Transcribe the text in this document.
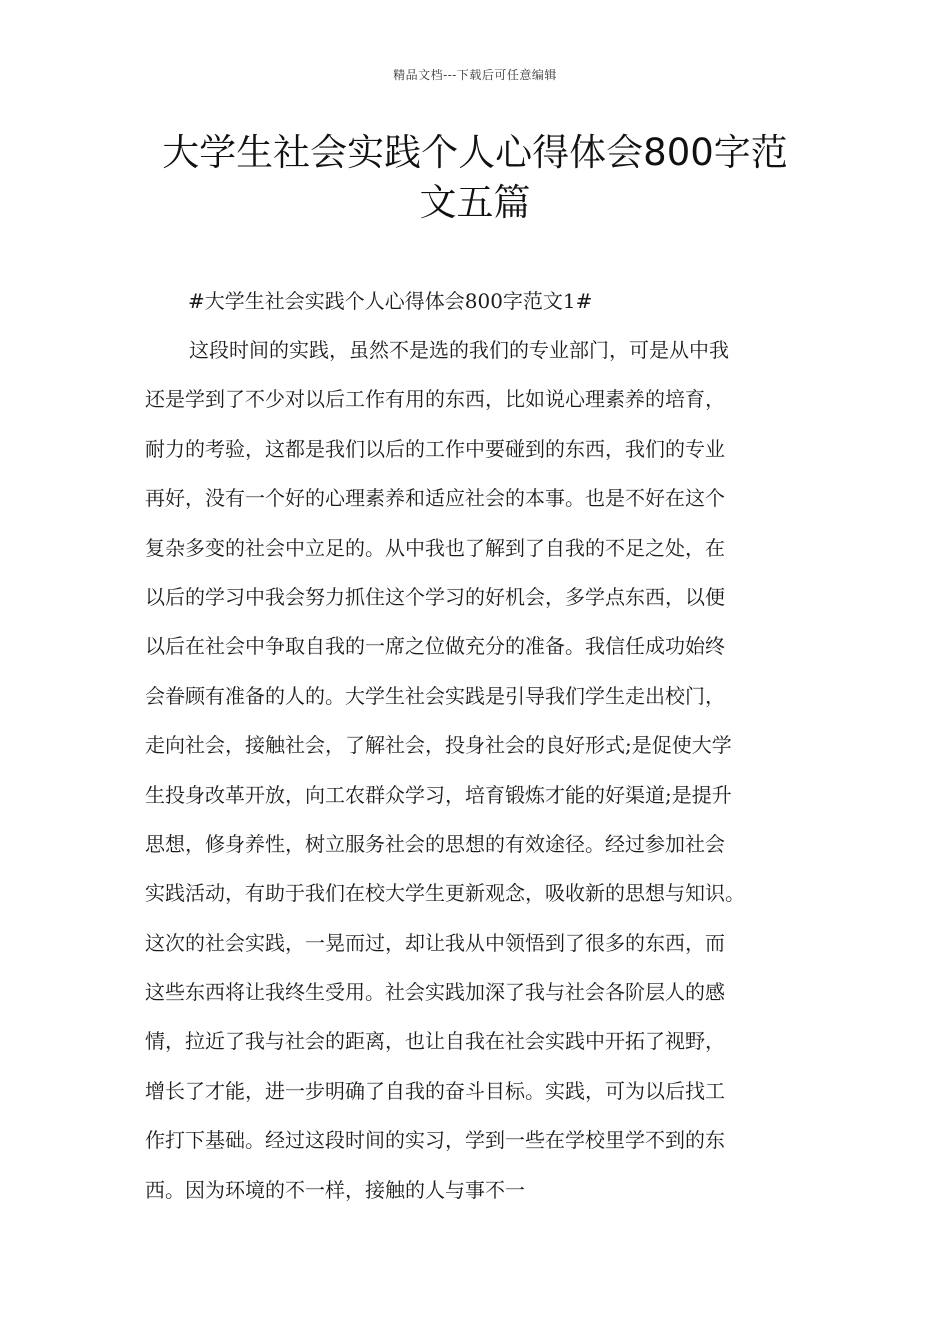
精品文档---下载后可任意编辑
大学生社会实践个人心得体会800字范
文五篇
#大学生社会实践个人心得体会800字范文1#
这段时间的实践，虽然不是选的我们的专业部门，可是从中我
还是学到了不少对以后工作有用的东西，比如说心理素养的培育，
耐力的考验，这都是我们以后的工作中要碰到的东西，我们的专业
再好，没有一个好的心理素养和适应社会的本事。也是不好在这个
复杂多变的社会中立足的。从中我也了解到了自我的不足之处，在
以后的学习中我会努力抓住这个学习的好机会，多学点东西，以便
以后在社会中争取自我的一席之位做充分的准备。我信任成功始终
会眷顾有准备的人的。大学生社会实践是引导我们学生走出校门，
走向社会，接触社会，了解社会，投身社会的良好形式;是促使大学
生投身改革开放，向工农群众学习，培育锻炼才能的好渠道;是提升
思想，修身养性，树立服务社会的思想的有效途径。经过参加社会
实践活动，有助于我们在校大学生更新观念，吸收新的思想与知识。
这次的社会实践，一晃而过，却让我从中领悟到了很多的东西，而
这些东西将让我终生受用。社会实践加深了我与社会各阶层人的感
情，拉近了我与社会的距离，也让自我在社会实践中开拓了视野，
增长了才能，进一步明确了自我的奋斗目标。实践，可为以后找工
作打下基础。经过这段时间的实习，学到一些在学校里学不到的东
西。因为环境的不一样，接触的人与事不一
